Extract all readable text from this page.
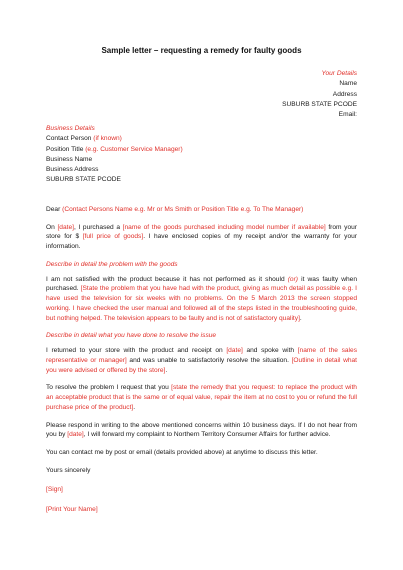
Sample letter – requesting a remedy for faulty goods
Your Details
Name
Address
SUBURB STATE PCODE
Email:
Business Details
Contact Person (if known)
Position Title (e.g. Customer Service Manager)
Business Name
Business Address
SUBURB STATE PCODE

Dear (Contact Persons Name e.g. Mr or Ms Smith or Position Title e.g. To The Manager)

On [date], I purchased a [name of the goods purchased including model number if available] from your store for $ [full price of goods]. I have enclosed copies of my receipt and/or the warranty for your information.

Describe in detail the problem with the goods

I am not satisfied with the product because it has not performed as it should (or) it was faulty when purchased. [State the problem that you have had with the product, giving as much detail as possible e.g. I have used the television for six weeks with no problems. On the 5 March 2013 the screen stopped working. I have checked the user manual and followed all of the steps listed in the troubleshooting guide, but nothing helped. The television appears to be faulty and is not of satisfactory quality].

Describe in detail what you have done to resolve the issue

I returned to your store with the product and receipt on [date] and spoke with [name of the sales representative or manager] and was unable to satisfactorily resolve the situation. [Outline in detail what you were advised or offered by the store].

To resolve the problem I request that you [state the remedy that you request: to replace the product with an acceptable product that is the same or of equal value, repair the item at no cost to you or refund the full purchase price of the product].

Please respond in writing to the above mentioned concerns within 10 business days. If I do not hear from you by [date], I will forward my complaint to Northern Territory Consumer Affairs for further advice.

You can contact me by post or email (details provided above) at anytime to discuss this letter.

Yours sincerely

[Sign]

[Print Your Name]
